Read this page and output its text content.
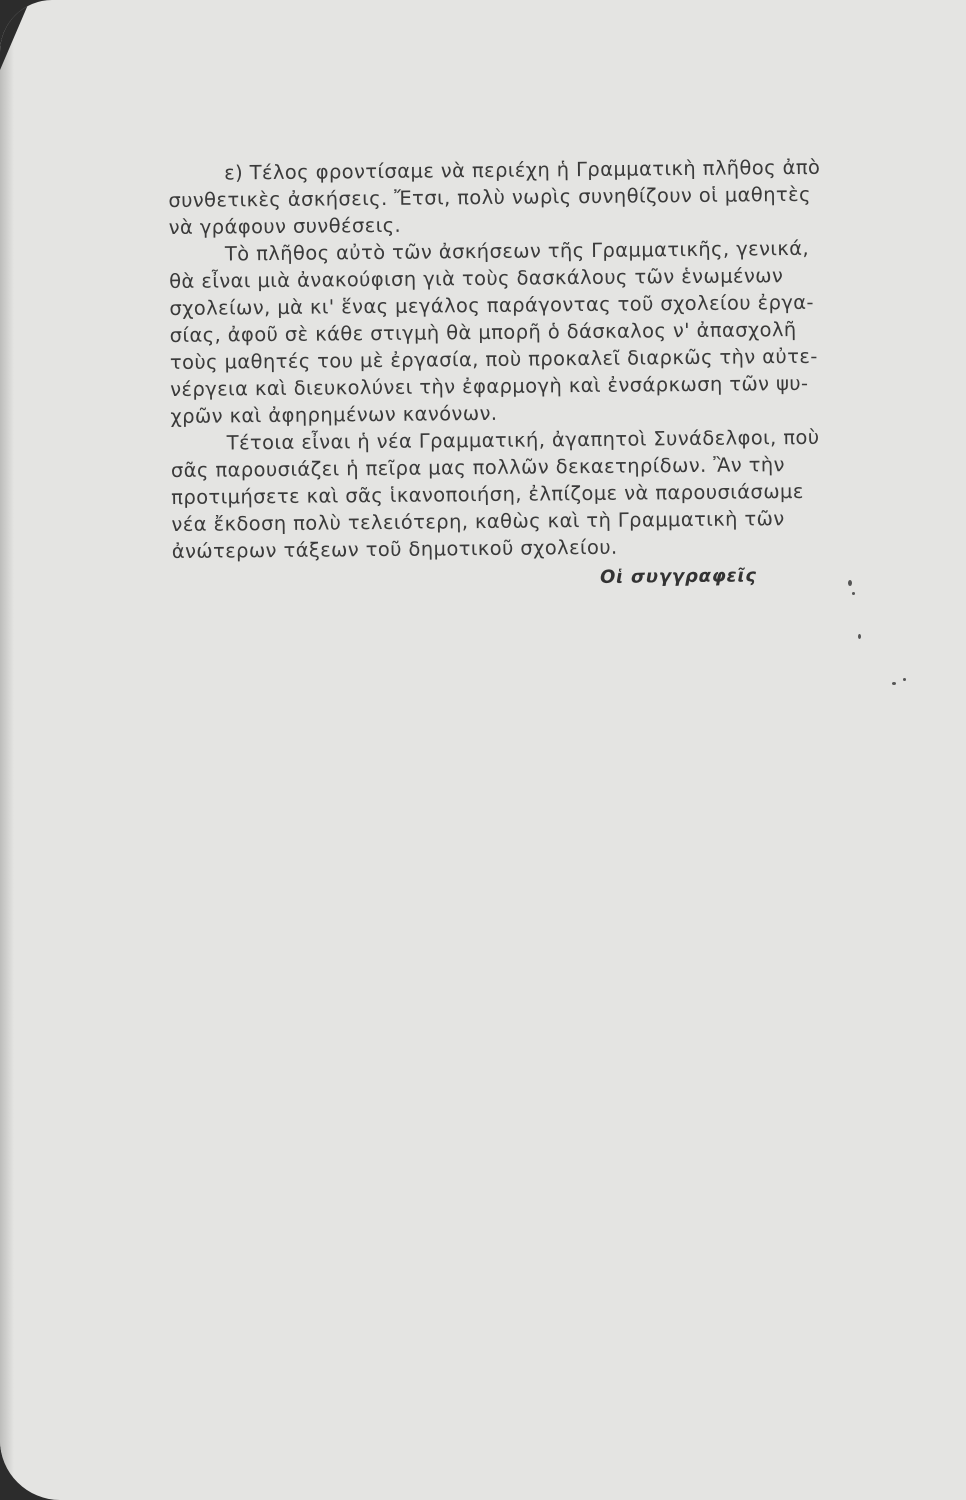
ε) Τέλος φροντίσαμε νὰ περιέχη ἡ Γραμματικὴ πλῆθος ἀπὸ
συνθετικὲς ἀσκήσεις. Ἔτσι, πολὺ νωρὶς συνηθίζουν οἱ μαθητὲς
νὰ γράφουν συνθέσεις.

Τὸ πλῆθος αὐτὸ τῶν ἀσκήσεων τῆς Γραμματικῆς, γενικά,
θὰ εἶναι μιὰ ἀνακούφιση γιὰ τοὺς δασκάλους τῶν ἑνωμένων
σχολείων, μὰ κι' ἕνας μεγάλος παράγοντας τοῦ σχολείου ἐργα-
σίας, ἀφοῦ σὲ κάθε στιγμὴ θὰ μπορῆ ὁ δάσκαλος ν' ἀπασχολῆ
τοὺς μαθητές του μὲ ἐργασία, ποὺ προκαλεῖ διαρκῶς τὴν αὐτε-
νέργεια καὶ διευκολύνει τὴν ἐφαρμογὴ καὶ ἐνσάρκωση τῶν ψυ-
χρῶν καὶ ἀφηρημένων κανόνων.

Τέτοια εἶναι ἡ νέα Γραμματική, ἀγαπητοὶ Συνάδελφοι, ποὺ
σᾶς παρουσιάζει ἡ πεῖρα μας πολλῶν δεκαετηρίδων. Ἂν τὴν
προτιμήσετε καὶ σᾶς ἱκανοποιήση, ἐλπίζομε νὰ παρουσιάσωμε
νέα ἔκδοση πολὺ τελειότερη, καθὼς καὶ τὴ Γραμματικὴ τῶν
ἀνώτερων τάξεων τοῦ δημοτικοῦ σχολείου.

Οἱ συγγραφεῖς
